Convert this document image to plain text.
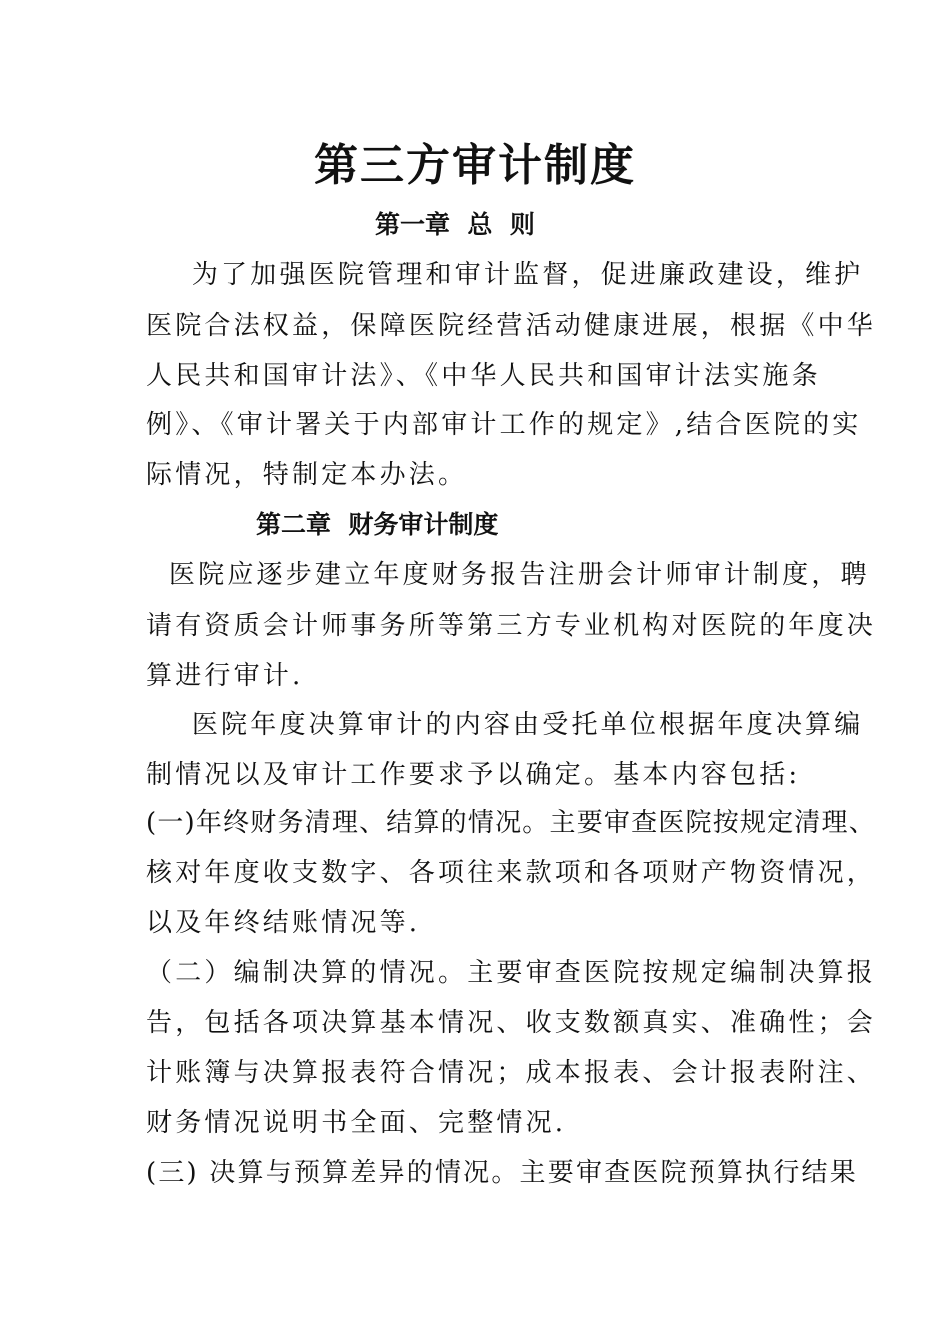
第三方审计制度
第一章  总  则
为了加强医院管理和审计监督，促进廉政建设，维护
医院合法权益，保障医院经营活动健康进展，根据《中华
人民共和国审计法》、《中华人民共和国审计法实施条
例》、《审计署关于内部审计工作的规定》,结合医院的实
际情况，特制定本办法。
第二章  财务审计制度
医院应逐步建立年度财务报告注册会计师审计制度，聘
请有资质会计师事务所等第三方专业机构对医院的年度决
算进行审计.
医院年度决算审计的内容由受托单位根据年度决算编
制情况以及审计工作要求予以确定。基本内容包括:
(一)年终财务清理、结算的情况。主要审查医院按规定清理、
核对年度收支数字、各项往来款项和各项财产物资情况，
以及年终结账情况等.
（二）编制决算的情况。主要审查医院按规定编制决算报
告，包括各项决算基本情况、收支数额真实、准确性；会
计账簿与决算报表符合情况；成本报表、会计报表附注、
财务情况说明书全面、完整情况.
(三) 决算与预算差异的情况。主要审查医院预算执行结果
